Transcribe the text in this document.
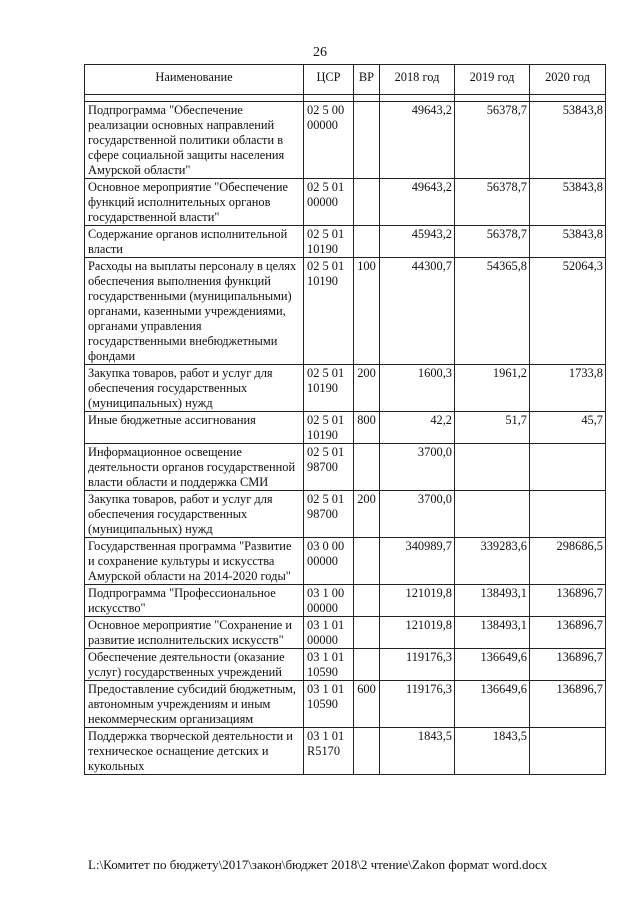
26
Наименование	ЦСР	ВР	2018 год	2019 год	2020 год

Подпрограмма "Обеспечение реализации основных направлений государственной политики области в сфере социальной защиты населения Амурской области"	02 5 00 00000		49643,2	56378,7	53843,8
Основное мероприятие "Обеспечение функций исполнительных органов государственной власти"	02 5 01 00000		49643,2	56378,7	53843,8
Содержание органов исполнительной власти	02 5 01 10190		45943,2	56378,7	53843,8
Расходы на выплаты персоналу в целях обеспечения выполнения функций государственными (муниципальными) органами, казенными учреждениями, органами управления государственными внебюджетными фондами	02 5 01 10190	100	44300,7	54365,8	52064,3
Закупка товаров, работ и услуг для обеспечения государственных (муниципальных) нужд	02 5 01 10190	200	1600,3	1961,2	1733,8
Иные бюджетные ассигнования	02 5 01 10190	800	42,2	51,7	45,7
Информационное освещение деятельности органов государственной власти области и поддержка СМИ	02 5 01 98700		3700,0		
Закупка товаров, работ и услуг для обеспечения государственных (муниципальных) нужд	02 5 01 98700	200	3700,0		
Государственная программа "Развитие и сохранение культуры и искусства Амурской области на 2014-2020 годы"	03 0 00 00000		340989,7	339283,6	298686,5
Подпрограмма "Профессиональное искусство"	03 1 00 00000		121019,8	138493,1	136896,7
Основное мероприятие "Сохранение и развитие исполнительских искусств"	03 1 01 00000		121019,8	138493,1	136896,7
Обеспечение деятельности (оказание услуг) государственных учреждений	03 1 01 10590		119176,3	136649,6	136896,7
Предоставление субсидий бюджетным, автономным учреждениям и иным некоммерческим организациям	03 1 01 10590	600	119176,3	136649,6	136896,7
Поддержка творческой деятельности и техническое оснащение детских и кукольных	03 1 01 R5170		1843,5	1843,5	
L:\Комитет по бюджету\2017\закон\бюджет 2018\2 чтение\Zakon формат word.docx
